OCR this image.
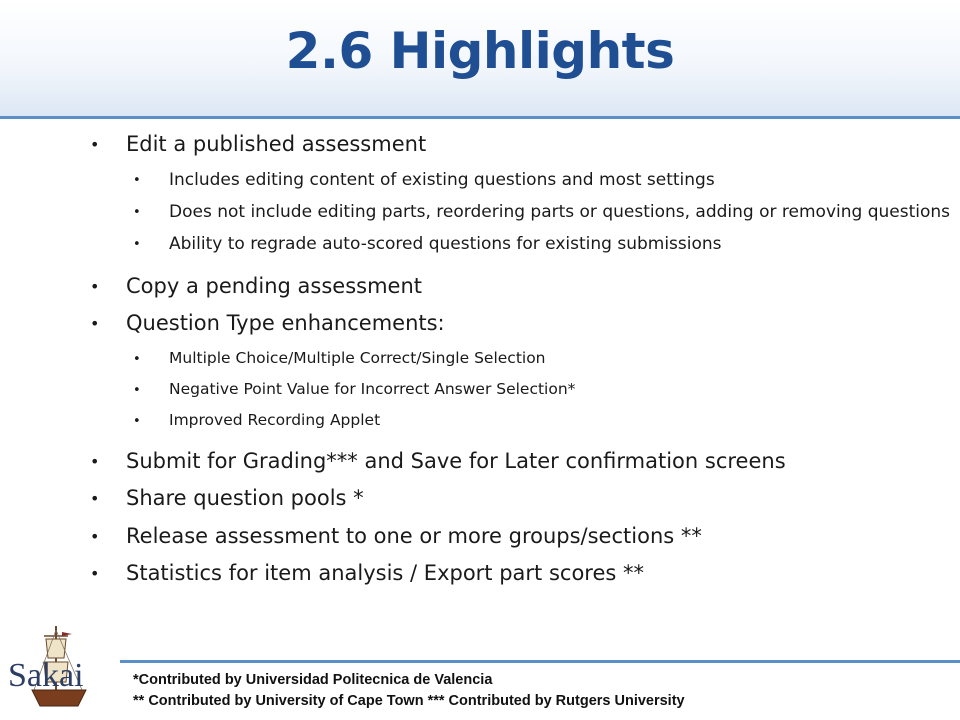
2.6 Highlights
• Edit a published assessment
• Includes editing content of existing questions and most settings
• Does not include editing parts, reordering parts or questions, adding or removing questions
• Ability to regrade auto-scored questions for existing submissions
• Copy a pending assessment
• Question Type enhancements:
• Multiple Choice/Multiple Correct/Single Selection
• Negative Point Value for Incorrect Answer Selection*
• Improved Recording Applet
• Submit for Grading*** and Save for Later confirmation screens
• Share question pools *
• Release assessment to one or more groups/sections **
• Statistics for item analysis / Export part scores **
Sakai	*Contributed by Universidad Politecnica de Valencia
** Contributed by University of Cape Town *** Contributed by Rutgers University
